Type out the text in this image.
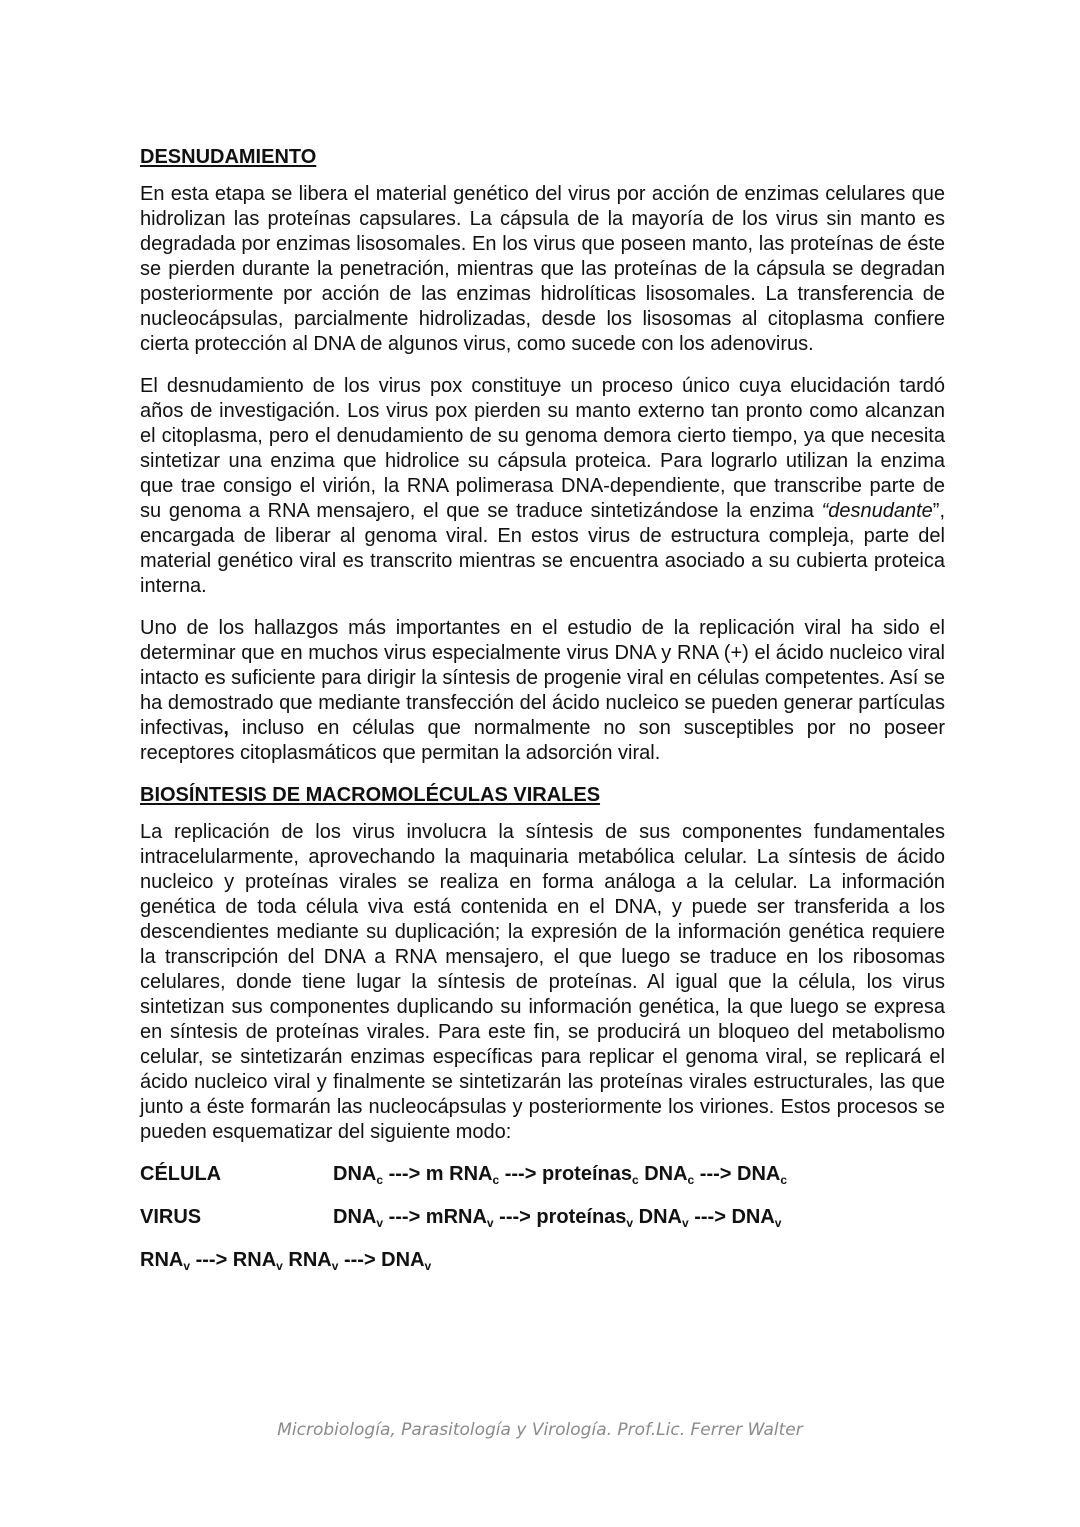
DESNUDAMIENTO

En esta etapa se libera el material genético del virus por acción de enzimas celulares que hidrolizan las proteínas capsulares. La cápsula de la mayoría de los virus sin manto es degradada por enzimas lisosomales. En los virus que poseen manto, las proteínas de éste se pierden durante la penetración, mientras que las proteínas de la cápsula se degradan posteriormente por acción de las enzimas hidrolíticas lisosomales. La transferencia de nucleocápsulas, parcialmente hidrolizadas, desde los lisosomas al citoplasma confiere cierta protección al DNA de algunos virus, como sucede con los adenovirus.

El desnudamiento de los virus pox constituye un proceso único cuya elucidación tardó años de investigación. Los virus pox pierden su manto externo tan pronto como alcanzan el citoplasma, pero el denudamiento de su genoma demora cierto tiempo, ya que necesita sintetizar una enzima que hidrolice su cápsula proteica. Para lograrlo utilizan la enzima que trae consigo el virión, la RNA polimerasa DNA-dependiente, que transcribe parte de su genoma a RNA mensajero, el que se traduce sintetizándose la enzima “desnudante”, encargada de liberar al genoma viral. En estos virus de estructura compleja, parte del material genético viral es transcrito mientras se encuentra asociado a su cubierta proteica interna.

Uno de los hallazgos más importantes en el estudio de la replicación viral ha sido el determinar que en muchos virus especialmente virus DNA y RNA (+) el ácido nucleico viral intacto es suficiente para dirigir la síntesis de progenie viral en células competentes. Así se ha demostrado que mediante transfección del ácido nucleico se pueden generar partículas infectivas, incluso en células que normalmente no son susceptibles por no poseer receptores citoplasmáticos que permitan la adsorción viral.

BIOSÍNTESIS DE MACROMOLÉCULAS VIRALES

La replicación de los virus involucra la síntesis de sus componentes fundamentales intracelularmente, aprovechando la maquinaria metabólica celular. La síntesis de ácido nucleico y proteínas virales se realiza en forma análoga a la celular. La información genética de toda célula viva está contenida en el DNA, y puede ser transferida a los descendientes mediante su duplicación; la expresión de la información genética requiere la transcripción del DNA a RNA mensajero, el que luego se traduce en los ribosomas celulares, donde tiene lugar la síntesis de proteínas. Al igual que la célula, los virus sintetizan sus componentes duplicando su información genética, la que luego se expresa en síntesis de proteínas virales. Para este fin, se producirá un bloqueo del metabolismo celular, se sintetizarán enzimas específicas para replicar el genoma viral, se replicará el ácido nucleico viral y finalmente se sintetizarán las proteínas virales estructurales, las que junto a éste formarán las nucleocápsulas y posteriormente los viriones. Estos procesos se pueden esquematizar del siguiente modo:

CÉLULA	$DNA_c$ ---> m $RNA_c$ ---> proteínas$_c$ $DNA_c$ ---> $DNA_c$
VIRUS	$DNA_v$ ---> mRNA$_v$ ---> proteínas$_v$ $DNA_v$ ---> $DNA_v$
$RNA_v$ ---> $RNA_v$ $RNA_v$ ---> $DNA_v$
Microbiología, Parasitología y Virología. Prof.Lic. Ferrer Walter
